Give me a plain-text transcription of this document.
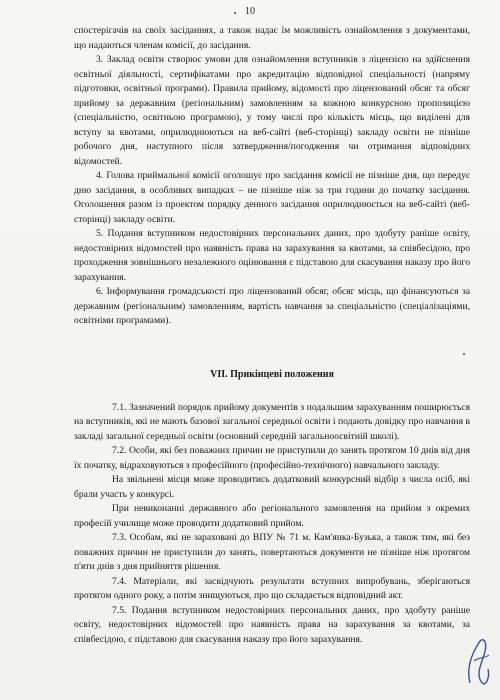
10

спостерігачів на своїх засіданнях, а також надає їм можливість ознайомлення з документами, що надаються членам комісії, до засідання.

3. Заклад освіти створює умови для ознайомлення вступників з ліцензією на здійснення освітньої діяльності, сертифікатами про акредитацію відповідної спеціальності (напряму підготовки, освітньої програми). Правила прийому, відомості про ліцензований обсяг та обсяг прийому за державним (регіональним) замовленням за кожною конкурсною пропозицією (спеціальністю, освітньою програмою), у тому числі про кількість місць, що виділені для вступу за квотами, оприлюднюються на веб-сайті (веб-сторінці) закладу освіти не пізніше робочого дня, наступного після затвердження/погодження чи отримання відповідних відомостей.

4. Голова приймальної комісії оголошує про засідання комісії не пізніше дня, що передує дню засідання, в особливих випадках – не пізніше ніж за три години до початку засідання. Оголошення разом із проектом порядку денного засідання оприлюднюється на веб-сайті (веб-сторінці) закладу освіти.

5. Подання вступником недостовірних персональних даних, про здобуту раніше освіту, недостовірних відомостей про наявність права на зарахування за квотами, за співбесідою, про проходження зовнішнього незалежного оцінювання є підставою для скасування наказу про його зарахування.

6. Інформування громадськості про ліцензований обсяг, обсяг місць, що фінансуються за державним (регіональним) замовленням, вартість навчання за спеціальністю (спеціалізаціями, освітніми програмами).

VII. Прикінцеві положення

7.1. Зазначений порядок прийому документів з подальшим зарахуванням поширюється на вступників, які не мають базової загальної середньої освіти і подають довідку про навчання в закладі загальної середньої освіти (основний середній загальноосвітній школі).

7.2. Особи, які без поважних причин не приступили до занять протягом 10 днів від дня їх початку, відраховуються з професійного (професійно-технічного) навчального закладу.

На звільнені місця може проводитись додатковий конкурсний відбір з числа осіб, які брали участь у конкурсі.

При невиконанні державного або регіонального замовлення на прийом з окремих професій училище може проводити додатковий прийом.

7.3. Особам, які не зараховані до ВПУ № 71 м. Кам'янка-Бузька, а також тим, які без поважних причин не приступили до занять, повертаються документи не пізніше ніж протягом п'яти днів з дня прийняття рішення.

7.4. Матеріали, які засвідчують результати вступних випробувань, зберігаються протягом одного року, а потім знищуються, про що складається відповідний акт.

7.5. Подання вступником недостовірних персональних даних, про здобуту раніше освіту, недостовірних відомостей про наявність права на зарахування за квотами, за співбесідою, є підставою для скасування наказу про його зарахування.
